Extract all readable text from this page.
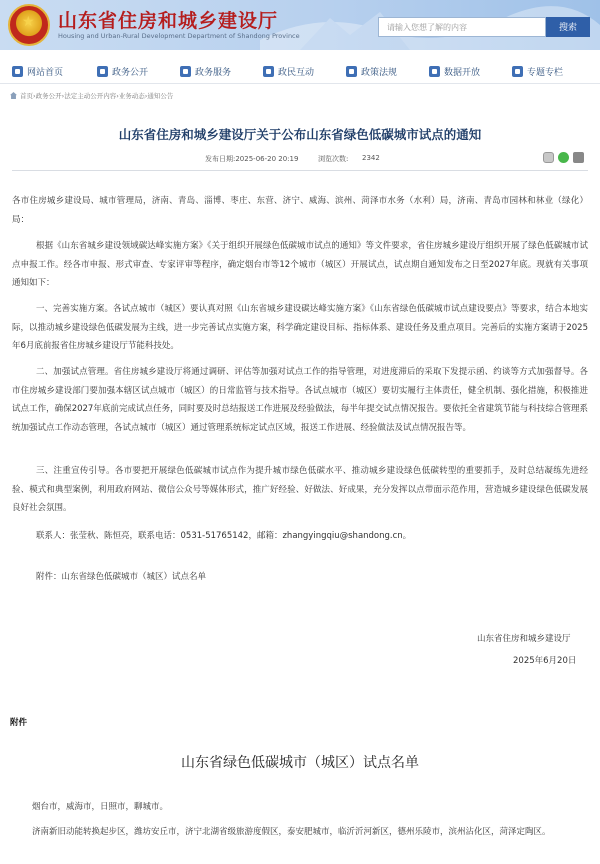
★ 山东省住房和城乡建设厅
Housing and Urban-Rural Development Department of Shandong Province
请输入您想了解的内容	搜索
网站首页	政务公开	政务服务	政民互动	政策法规	数据开放	专题专栏
首页›政务公开›法定主动公开内容›业务动态›通知公告
山东省住房和城乡建设厅关于公布山东省绿色低碳城市试点的通知
发布日期:2025-06-20 20:19	浏览次数: 2342
各市住房城乡建设局、城市管理局，济南、青岛、淄博、枣庄、东营、济宁、威海、滨州、菏泽市水务（水利）局，济南、青岛市园林和林业（绿化）局：
根据《山东省城乡建设领域碳达峰实施方案》《关于组织开展绿色低碳城市试点的通知》等文件要求，省住房城乡建设厅组织开展了绿色低碳城市试点申报工作。经各市申报、形式审查、专家评审等程序，确定烟台市等12个城市（城区）开展试点，试点期自通知发布之日至2027年底。现就有关事项通知如下：
一、完善实施方案。各试点城市（城区）要认真对照《山东省城乡建设碳达峰实施方案》《山东省绿色低碳城市试点建设要点》等要求，结合本地实际，以推动城乡建设绿色低碳发展为主线，进一步完善试点实施方案，科学确定建设目标、指标体系、建设任务及重点项目。完善后的实施方案请于2025年6月底前报省住房城乡建设厅节能科技处。
二、加强试点管理。省住房城乡建设厅将通过调研、评估等加强对试点工作的指导管理，对进度滞后的采取下发提示函、约谈等方式加强督导。各市住房城乡建设部门要加强本辖区试点城市（城区）的日常监管与技术指导。各试点城市（城区）要切实履行主体责任，健全机制、强化措施，积极推进试点工作，确保2027年底前完成试点任务，同时要及时总结报送工作进展及经验做法，每半年提交试点情况报告。要依托全省建筑节能与科技综合管理系统加强试点工作动态管理，各试点城市（城区）通过管理系统标定试点区域，报送工作进展、经验做法及试点情况报告等。
三、注重宣传引导。各市要把开展绿色低碳城市试点作为提升城市绿色低碳水平、推动城乡建设绿色低碳转型的重要抓手，及时总结凝练先进经验、模式和典型案例，利用政府网站、微信公众号等媒体形式，推广好经验、好做法、好成果，充分发挥以点带面示范作用，营造城乡建设绿色低碳发展良好社会氛围。
联系人：张莹秋、陈恒亮，联系电话：0531-51765142，邮箱：zhangyingqiu@shandong.cn。
附件：山东省绿色低碳城市（城区）试点名单
山东省住房和城乡建设厅
2025年6月20日
附件
山东省绿色低碳城市（城区）试点名单
烟台市，威海市，日照市，聊城市。
济南新旧动能转换起步区，潍坊安丘市，济宁北湖省级旅游度假区，泰安肥城市，临沂沂河新区，德州乐陵市，滨州沾化区，菏泽定陶区。
